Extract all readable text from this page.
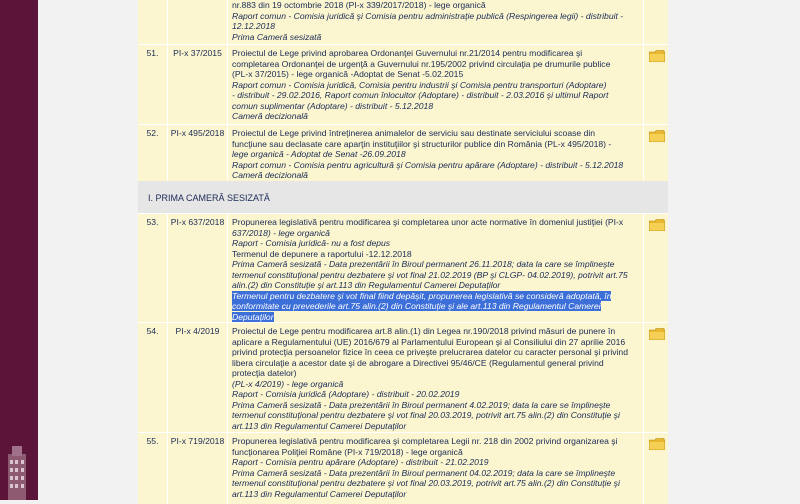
nr.883 din 19 octombrie 2018 (PI-x 339/2017/2018) - lege organică
Raport comun - Comisia juridică şi Comisia pentru administraţie publică (Respingerea legii) - distribuit -
12.12.2018
Prima Cameră sesizată
51.	PI-x 37/2015	Proiectul de Lege privind aprobarea Ordonanţei Guvernului nr.21/2014 pentru modificarea şi
completarea Ordonanţei de urgenţă a Guvernului nr.195/2002 privind circulaţia pe drumurile publice
(PL-x 37/2015) - lege organică -Adoptat de Senat -5.02.2015
Raport comun - Comisia juridică, Comisia pentru industrii şi Comisia pentru transporturi (Adoptare)
- distribuit - 29.02.2016, Raport comun înlocuitor (Adoptare) - distribuit - 2.03.2016 şi ultimul Raport
comun suplimentar (Adoptare) - distribuit - 5.12.2018
Cameră decizională
52.	PI-x 495/2018 Proiectul de Lege privind întreţinerea animalelor de serviciu sau destinate serviciului scoase din
funcţiune sau declasate care aparţin instituţiilor şi structurilor publice din România (PL-x 495/2018) -
lege organică - Adoptat de Senat -26.09.2018
Raport comun - Comisia pentru agricultură şi Comisia pentru apărare (Adoptare) - distribuit - 5.12.2018
Cameră decizională
I. PRIMA CAMERĂ SESIZATĂ
53.	PI-x 637/2018 Propunerea legislativă pentru modificarea şi completarea unor acte normative în domeniul justiţiei (PI-x
637/2018) - lege organică
Raport - Comisia juridică- nu a fost depus
Termenul de depunere a raportului -12.12.2018
Prima Cameră sesizată - Data prezentării în Biroul permanent 26.11.2018; data la care se împlineşte
termenul constituţional pentru dezbatere şi vot final 21.02.2019 (BP şi CLGP- 04.02.2019), potrivit art.75
alin.(2) din Constituţie şi art.113 din Regulamentul Camerei Deputaţilor
Termenul pentru dezbatere şi vot final fiind depăşit, propunerea legislativă se consideră adoptată, în
conformitate cu prevederile art.75 alin.(2) din Constituţie şi ale art.113 din Regulamentul Camerei
Deputaţilor
54.	PI-x 4/2019	Proiectul de Lege pentru modificarea art.8 alin.(1) din Legea nr.190/2018 privind măsuri de punere în
aplicare a Regulamentului (UE) 2016/679 al Parlamentului European şi al Consiliului din 27 aprilie 2016
privind protecţia persoanelor fizice în ceea ce priveşte prelucrarea datelor cu caracter personal şi privind
libera circulaţie a acestor date şi de abrogare a Directivei 95/46/CE (Regulamentul general privind
protecţia datelor)
(PL-x 4/2019) - lege organică
Raport - Comisia juridică (Adoptare) - distribuit - 20.02.2019
Prima Cameră sesizată - Data prezentării în Biroul permanent 4.02.2019; data la care se împlineşte
termenul constituţional pentru dezbatere şi vot final 20.03.2019, potrivit art.75 alin.(2) din Constituţie şi
art.113 din Regulamentul Camerei Deputaţilor
55.	PI-x 719/2018 Propunerea legislativă pentru modificarea şi completarea Legii nr. 218 din 2002 privind organizarea şi
funcţionarea Poliţiei Române (PI-x 719/2018) - lege organică
Raport - Comisia pentru apărare (Adoptare) - distribuit - 21.02.2019
Prima Cameră sesizată - Data prezentării în Biroul permanent 04.02.2019; data la care se împlineşte
termenul constituţional pentru dezbatere şi vot final 20.03.2019, potrivit art.75 alin.(2) din Constituţie şi
art.113 din Regulamentul Camerei Deputaţilor
